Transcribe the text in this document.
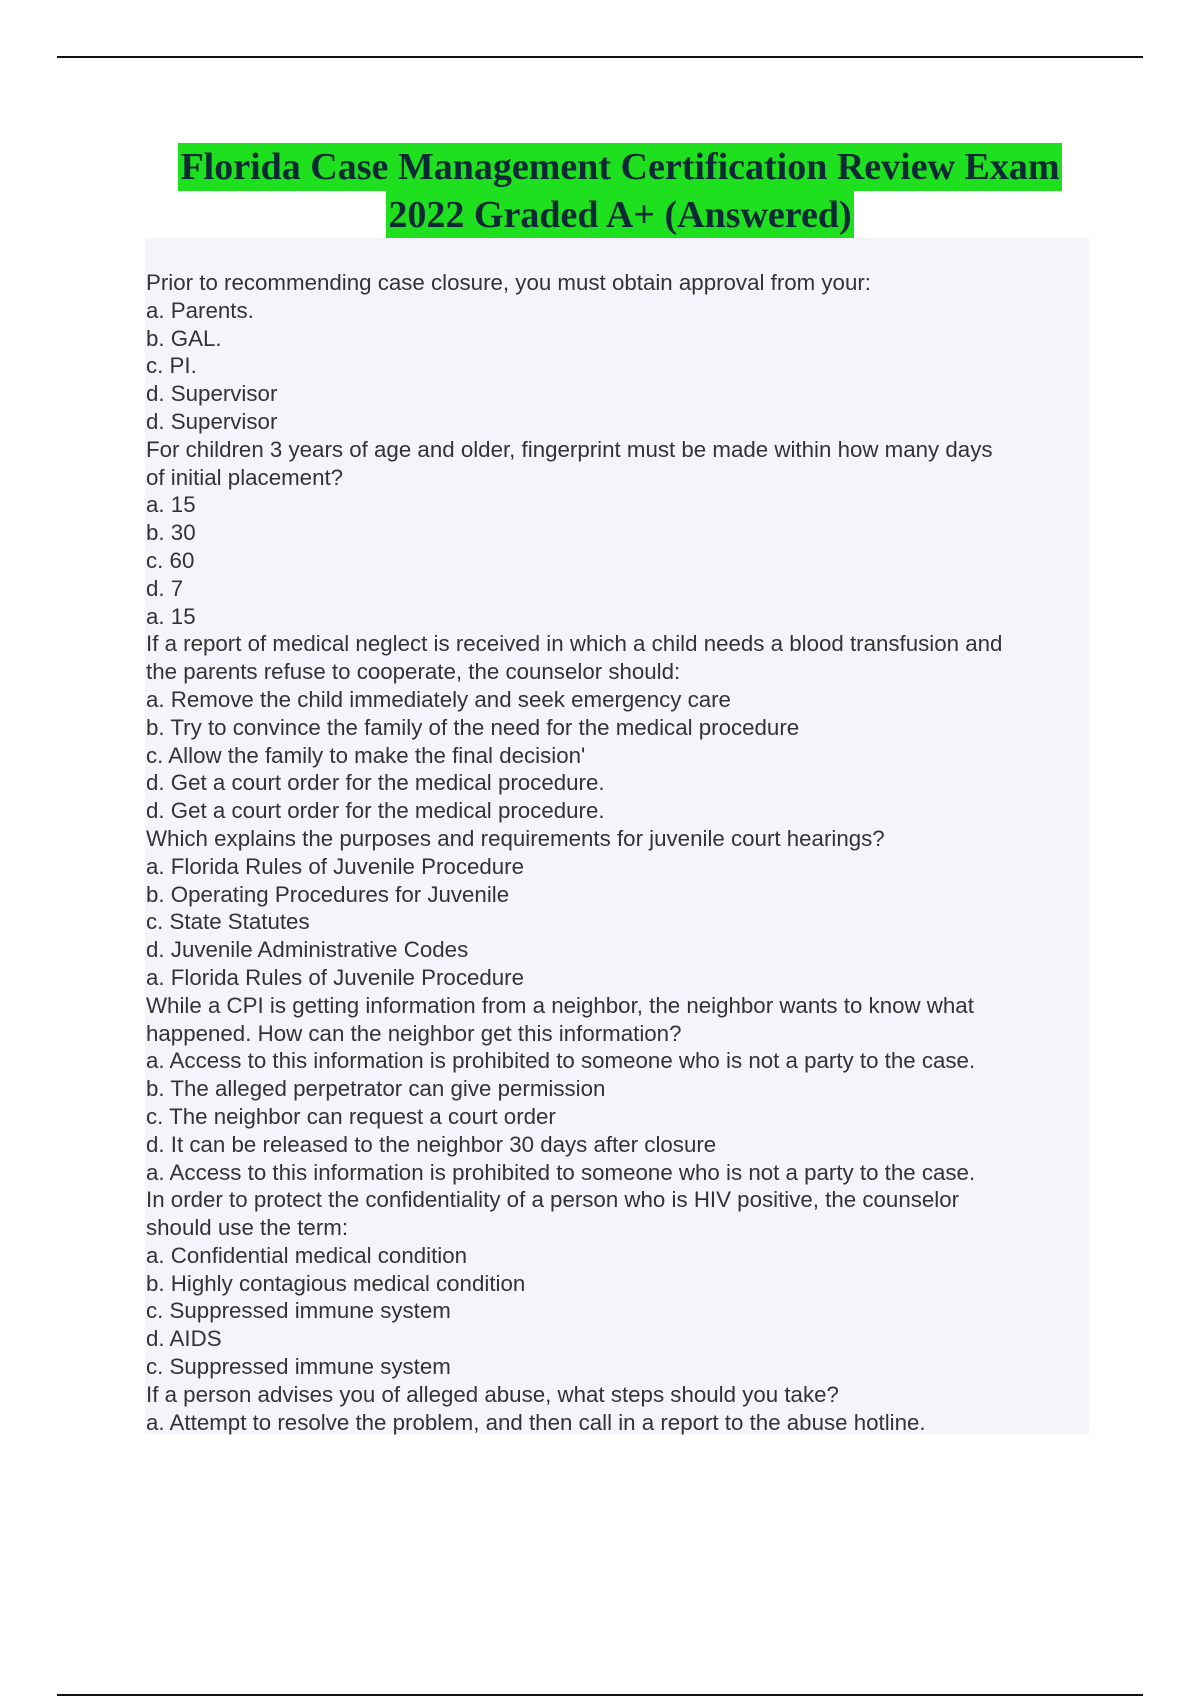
Florida Case Management Certification Review Exam
2022 Graded A+ (Answered)
Prior to recommending case closure, you must obtain approval from your:
a. Parents.
b. GAL.
c. PI.
d. Supervisor
d. Supervisor
For children 3 years of age and older, fingerprint must be made within how many days
of initial placement?
a. 15
b. 30
c. 60
d. 7
a. 15
If a report of medical neglect is received in which a child needs a blood transfusion and
the parents refuse to cooperate, the counselor should:
a. Remove the child immediately and seek emergency care
b. Try to convince the family of the need for the medical procedure
c. Allow the family to make the final decision'
d. Get a court order for the medical procedure.
d. Get a court order for the medical procedure.
Which explains the purposes and requirements for juvenile court hearings?
a. Florida Rules of Juvenile Procedure
b. Operating Procedures for Juvenile
c. State Statutes
d. Juvenile Administrative Codes
a. Florida Rules of Juvenile Procedure
While a CPI is getting information from a neighbor, the neighbor wants to know what
happened. How can the neighbor get this information?
a. Access to this information is prohibited to someone who is not a party to the case.
b. The alleged perpetrator can give permission
c. The neighbor can request a court order
d. It can be released to the neighbor 30 days after closure
a. Access to this information is prohibited to someone who is not a party to the case.
In order to protect the confidentiality of a person who is HIV positive, the counselor
should use the term:
a. Confidential medical condition
b. Highly contagious medical condition
c. Suppressed immune system
d. AIDS
c. Suppressed immune system
If a person advises you of alleged abuse, what steps should you take?
a. Attempt to resolve the problem, and then call in a report to the abuse hotline.
